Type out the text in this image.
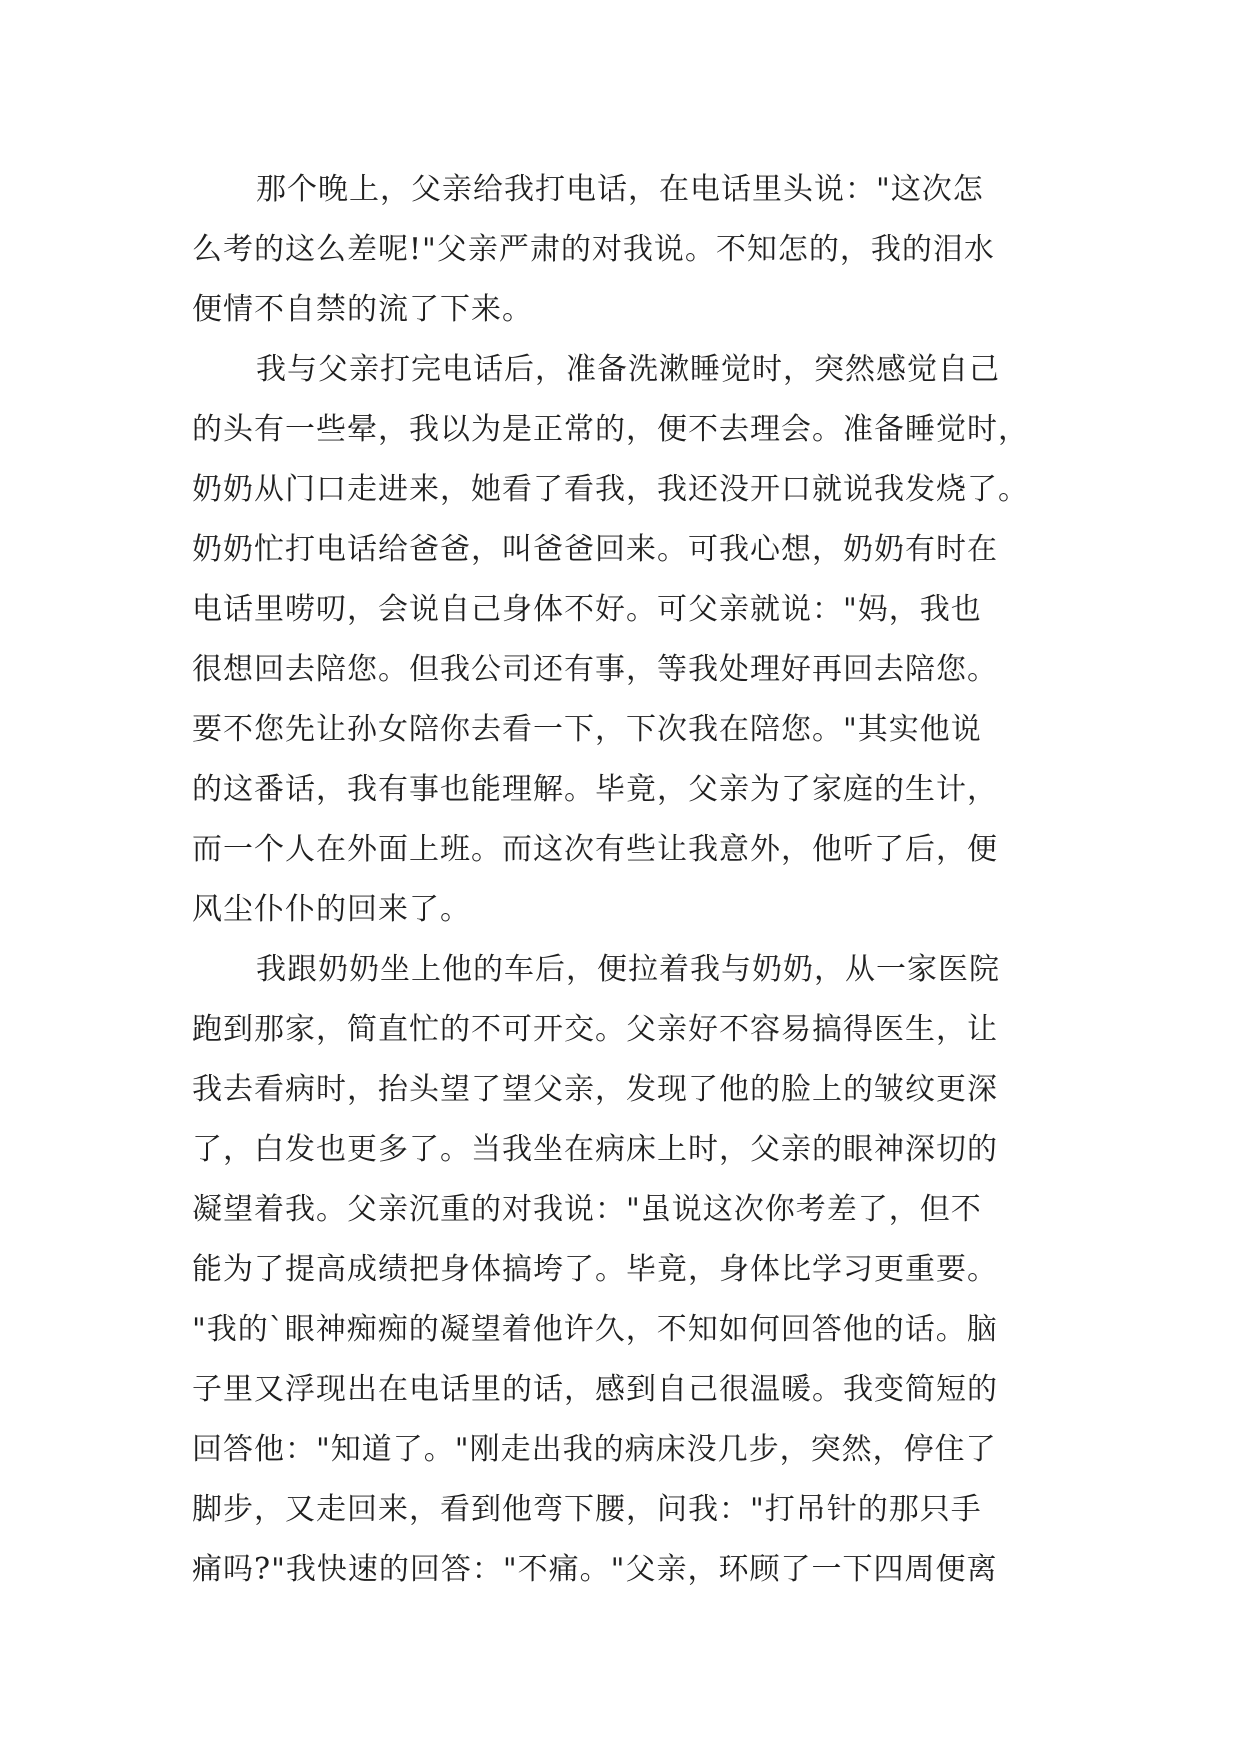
那个晚上，父亲给我打电话，在电话里头说："这次怎
么考的这么差呢!"父亲严肃的对我说。不知怎的，我的泪水
便情不自禁的流了下来。
我与父亲打完电话后，准备洗漱睡觉时，突然感觉自己
的头有一些晕，我以为是正常的，便不去理会。准备睡觉时，
奶奶从门口走进来，她看了看我，我还没开口就说我发烧了。
奶奶忙打电话给爸爸，叫爸爸回来。可我心想，奶奶有时在
电话里唠叨，会说自己身体不好。可父亲就说："妈，我也
很想回去陪您。但我公司还有事，等我处理好再回去陪您。
要不您先让孙女陪你去看一下，下次我在陪您。"其实他说
的这番话，我有事也能理解。毕竟，父亲为了家庭的生计，
而一个人在外面上班。而这次有些让我意外，他听了后，便
风尘仆仆的回来了。
我跟奶奶坐上他的车后，便拉着我与奶奶，从一家医院
跑到那家，简直忙的不可开交。父亲好不容易搞得医生，让
我去看病时，抬头望了望父亲，发现了他的脸上的皱纹更深
了，白发也更多了。当我坐在病床上时，父亲的眼神深切的
凝望着我。父亲沉重的对我说："虽说这次你考差了，但不
能为了提高成绩把身体搞垮了。毕竟，身体比学习更重要。
"我的`眼神痴痴的凝望着他许久，不知如何回答他的话。脑
子里又浮现出在电话里的话，感到自己很温暖。我变简短的
回答他："知道了。"刚走出我的病床没几步，突然，停住了
脚步，又走回来，看到他弯下腰，问我："打吊针的那只手
痛吗?"我快速的回答："不痛。"父亲，环顾了一下四周便离
